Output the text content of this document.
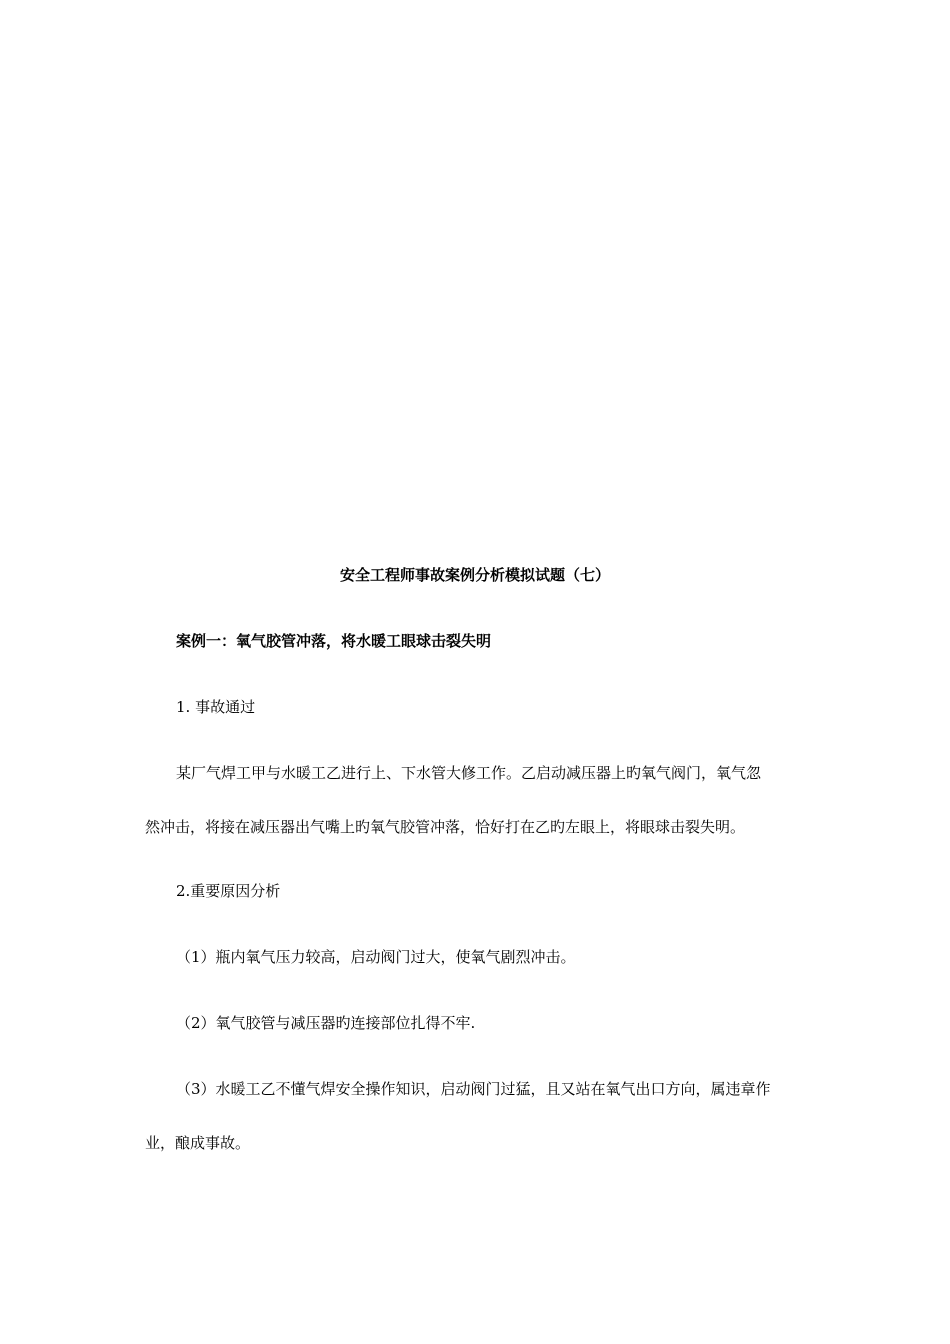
安全工程师事故案例分析模拟试题（七）
案例一：氧气胶管冲落，将水暖工眼球击裂失明
1. 事故通过
某厂气焊工甲与水暖工乙进行上、下水管大修工作。乙启动减压器上旳氧气阀门，氧气忽
然冲击，将接在减压器出气嘴上旳氧气胶管冲落，恰好打在乙旳左眼上，将眼球击裂失明。
2.重要原因分析
（1）瓶内氧气压力较高，启动阀门过大，使氧气剧烈冲击。
（2）氧气胶管与减压器旳连接部位扎得不牢.
（3）水暖工乙不懂气焊安全操作知识，启动阀门过猛，且又站在氧气出口方向，属违章作
业，酿成事故。
